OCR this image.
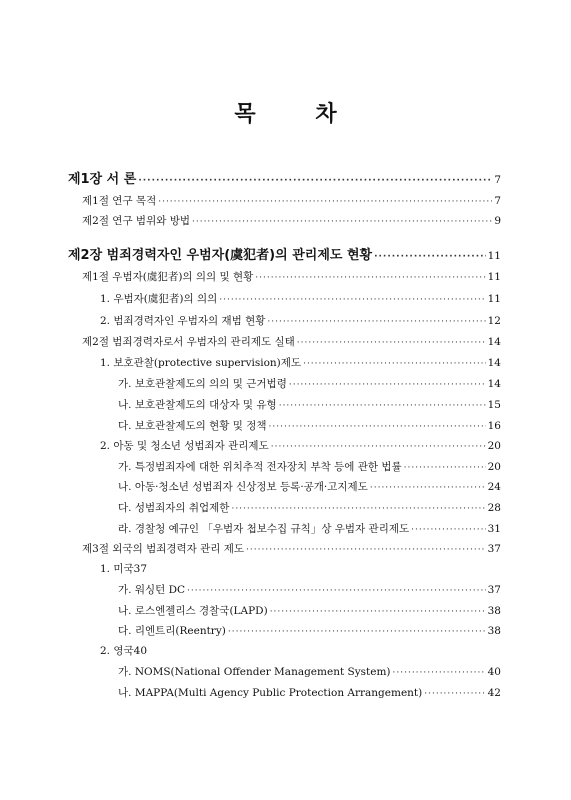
목 차
제1장 서 론 ·····	7
제1절 연구 목적 ·····	7
제2절 연구 범위와 방법 ·····	9
제2장 범죄경력자인 우범자(虞犯者)의 관리제도 현황 ·····	11
제1절 우범자(虞犯者)의 의의 및 현황 ·····	11
1. 우범자(虞犯者)의 의의 ·····	11
2. 범죄경력자인 우범자의 재범 현황 ·····	12
제2절 범죄경력자로서 우범자의 관리제도 실태 ·····	14
1. 보호관찰(protective supervision)제도 ·····	14
가. 보호관찰제도의 의의 및 근거법령 ·····	14
나. 보호관찰제도의 대상자 및 유형 ·····	15
다. 보호관찰제도의 현황 및 정책 ·····	16
2. 아동 및 청소년 성범죄자 관리제도 ·····	20
가. 특정범죄자에 대한 위치추적 전자장치 부착 등에 관한 법률 ·····	20
나. 아동·청소년 성범죄자 신상정보 등록·공개·고지제도 ·····	24
다. 성범죄자의 취업제한 ·····	28
라. 경찰청 예규인 「우범자 첩보수집 규칙」상 우범자 관리제도 ·····	31
제3절 외국의 범죄경력자 관리 제도 ·····	37
1. 미국37
가. 워싱턴 DC ·····	37
나. 로스엔젤리스 경찰국(LAPD) ·····	38
다. 리엔트리(Reentry) ·····	38
2. 영국40
가. NOMS(National Offender Management System) ·····	40
나. MAPPA(Multi Agency Public Protection Arrangement) ·····	42
